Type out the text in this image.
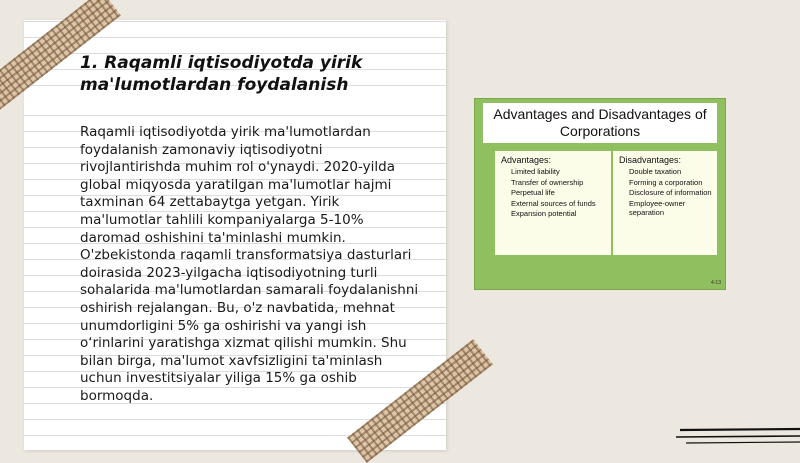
1. Raqamli iqtisodiyotda yirik ma'lumotlardan foydalanish

Raqamli iqtisodiyotda yirik ma'lumotlardan foydalanish zamonaviy iqtisodiyotni rivojlantirishda muhim rol o'ynaydi. 2020-yilda global miqyosda yaratilgan ma'lumotlar hajmi taxminan 64 zettabaytga yetgan. Yirik ma'lumotlar tahlili kompaniyalarga 5-10% daromad oshishini ta'minlashi mumkin. O'zbekistonda raqamli transformatsiya dasturlari doirasida 2023-yilgacha iqtisodiyotning turli sohalarida ma'lumotlardan samarali foydalanishni oshirish rejalangan. Bu, o'z navbatida, mehnat unumdorligini 5% ga oshirishi va yangi ish o‘rinlarini yaratishga xizmat qilishi mumkin. Shu bilan birga, ma'lumot xavfsizligini ta'minlash uchun investitsiyalar yiliga 15% ga oshib bormoqda.

Advantages and Disadvantages of Corporations
Advantages:
Limited liability
Transfer of ownership
Perpetual life
External sources of funds
Expansion potential
Disadvantages:
Double taxation
Forming a corporation
Disclosure of information
Employee-owner separation
4-13
